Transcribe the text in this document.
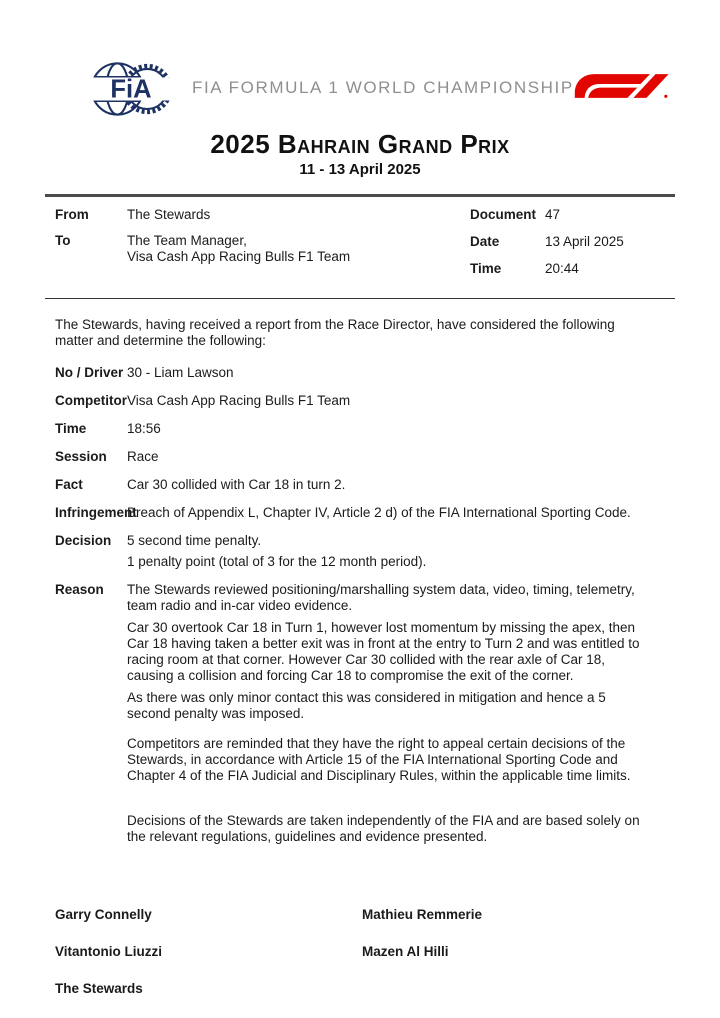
FiA FIA FORMULA 1 WORLD CHAMPIONSHIP
2025 Bahrain Grand Prix
11 - 13 April 2025
From	The Stewards
To	The Team Manager,
Visa Cash App Racing Bulls F1 Team
Document 47
Date	13 April 2025
Time	20:44

The Stewards, having received a report from the Race Director, have considered the following matter and determine the following:

No / Driver 30 - Liam Lawson
Competitor Visa Cash App Racing Bulls F1 Team
Time	18:56
Session	Race
Fact	Car 30 collided with Car 18 in turn 2.
Infringement
Breach of Appendix L, Chapter IV, Article 2 d) of the FIA International Sporting Code.
Decision	5 second time penalty.
1 penalty point (total of 3 for the 12 month period).
Reason	The Stewards reviewed positioning/marshalling system data, video, timing, telemetry, team radio and in-car video evidence.

Car 30 overtook Car 18 in Turn 1, however lost momentum by missing the apex, then Car 18 having taken a better exit was in front at the entry to Turn 2 and was entitled to racing room at that corner. However Car 30 collided with the rear axle of Car 18, causing a collision and forcing Car 18 to compromise the exit of the corner.

As there was only minor contact this was considered in mitigation and hence a 5 second penalty was imposed.

Competitors are reminded that they have the right to appeal certain decisions of the Stewards, in accordance with Article 15 of the FIA International Sporting Code and Chapter 4 of the FIA Judicial and Disciplinary Rules, within the applicable time limits.

Decisions of the Stewards are taken independently of the FIA and are based solely on the relevant regulations, guidelines and evidence presented.

Garry Connelly	Mathieu Remmerie
Vitantonio Liuzzi	Mazen Al Hilli
The Stewards
